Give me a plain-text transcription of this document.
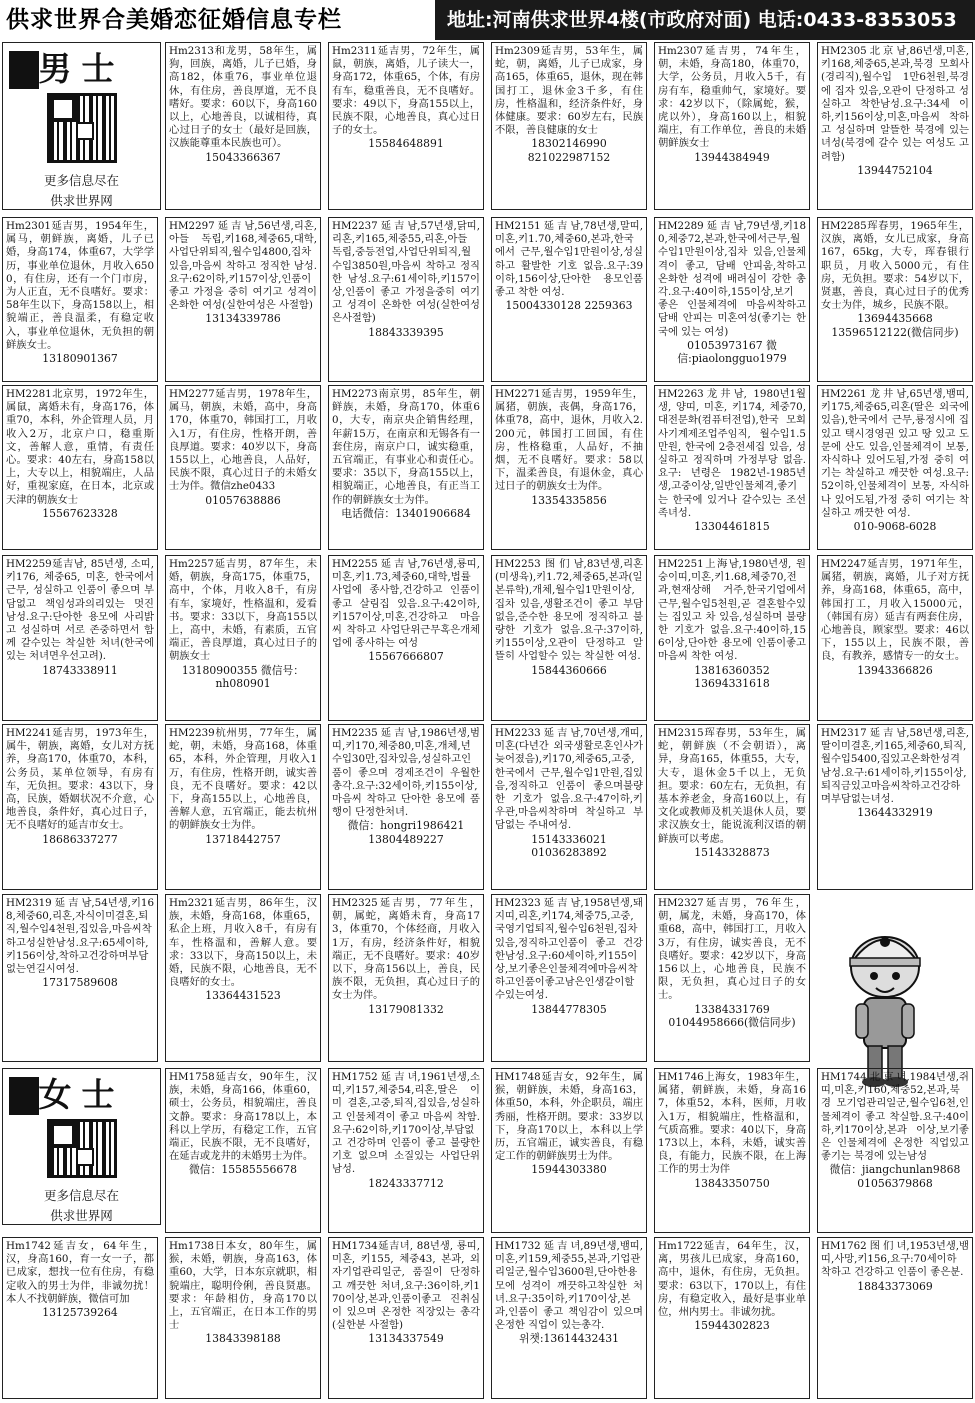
供求世界合美婚恋征婚信息专栏	地址:河南供求世界4楼(市政府对面) 电话:0433-8353053
男士
更多信息尽在
供求世界网
女士
更多信息尽在
供求世界网
Hm2313和龙男，58年生，属狗，回族，离婚，儿子已婚，身高182，体重76，事业单位退休，有住房，善良厚道，无不良嗜好。要求：60以下，身高160以上，心地善良，以诚相待，真心过日子的女士（最好是回族，汉族能尊重本民族也可）。
15043366367
Hm2311延吉男，72年生，属鼠，朝族，离婚，儿子读大一，身高172，体重65，个体，有房有车，稳重善良，无不良嗜好。要求：49以下，身高155以上，民族不限，心地善良，真心过日子的女士。
15584648891
Hm2309延吉男，53年生，属蛇，朝，离婚，儿子已成家，身高165，体重65，退休，现在韩国打工，退休金3千多，有住房，性格温和，经济条件好，身体健康。要求：60岁左右，民族不限，善良健康的女士
18302146990 821022987152
Hm2307延吉男，74年生，朝，未婚，身高180，体重70，大学，公务员，月收入5千，有房有车，稳重帅气，家境好。要求：42岁以下，（除属蛇，猴，虎以外），身高160以上，相貌端庄，有工作单位，善良的未婚朝鲜族女士
13944384949
HM2305北京남,86년생,미혼,키168,체중65,본과,북경 모회사(경리직),월수입 1만6천원,북경에 집자 있음,오관이 단정하고 성실하고 착한남성.요구:34세 이하,키156이상,미혼,마음씨 착하고 성실하며 알뜰한 북경에 있는 녀성(북경에 갈수 있는 여성도 고려함)
13944752104
Hm2301延吉男，1954年生，属马，朝鲜族，离婚，儿子已婚，身高174，体重67，大学学历，事业单位退休，月收入6500，有住房，还有一个门市房，为人正直，无不良嗜好。要求：58年生以下，身高158以上，相貌端正，善良温柔，有稳定收入，事业单位退休，无负担的朝鲜族女士。
13180901367
HM2297延吉남,56년생,리혼,아들 독립,키168,체중65,대학,사업단위퇴직,월수입4800,집차있음,마음씨 착하고 정직한 남성.요구:62이하,키157이상,인품이 좋고 가정을 중히 여기고 성격이 온화한 여성(실한여성은 사절함)
13134339786
HM2237延吉남,57년생,닭띠,리혼,키165,체중55,리혼,아들 독립,중등전업,사업단위퇴직,월수입3850원,마음씨 착하고 정직한 남성.요구:61세이하,키157이상,인품이 좋고 가정을중히 여기고 성격이 온화한 여성(실한여성은사절함)
18843339395
HM2151延吉남,78년생,말띠,미혼,키1.70,체중60,본과,한국에서 근무,월수입1만원이상,성실하고 활발한 기호 없음.요구:39이하,156이상,단아한 용모인품 좋고 착한 여성.
15004330128 2259363
HM2289延吉남,79년생,키180,체중72,본과,한국에서근무,월수입1만원이상,집차 있음,인물체격이 좋고, 담배 안피움,착하고 온화한 성격에 배려심이 강한 총각.요구:40이하,155이상,보기 좋은 인물체격에 마음씨착하고 담배 안피는 미혼여성(좋기는 한국에 있는 여성)
01053973167 微信:piaolongguo1979
HM2285珲春男，1965年生，汉族，离婚，女儿已成家，身高167，65kg，大专，珲春银行职员，月收入5000元，有住房，无负担。要求：54岁以下，贤惠，善良，真心过日子的优秀女士为伴，城乡，民族不限。
13694435668 13596512122(微信同步)
HM2281北京男，1972年生，属鼠，离婚未有，身高176，体重70，本科，外企管理人员，月收入2万，北京户口，稳重斯文，善解人意，重情，有责任心。要求：40左右，身高158以上，大专以上，相貌端庄，人品好，重视家庭，在日本，北京或天津的朝族女士
15567623328
HM2277延吉男，1978年生，属马，朝族，未婚，高中，身高170，体重70，韩国打工，月收入1万，有住房，性格开朗，善良厚道。要求：40岁以下，身高155以上，心地善良，人品好，民族不限，真心过日子的未婚女士为伴。微信zhe0433
01057638886
HM2273南京男，85年生，朝鲜族，未婚，身高170，体重60，大专，南京央企销售经理，年薪15万，在南京和无锡各有一套住房，南京户口，诚实稳重，五官端正，有事业心和责任心。要求：35以下，身高155以上，相貌端正，心地善良，有正当工作的朝鲜族女士为伴。
电话微信：13401906684
HM2271延吉男，1959年生，属猪，朝族，丧偶，身高176，体重78，高中，退休，月收入2.200元，韩国打工回国，有住房，性格稳重，人品好，不抽烟，无不良嗜好。要求：58以下，温柔善良，有退休金，真心过日子的朝族女士为伴。
13354335856
HM2263龙井남, 1980년1월생, 양띠, 미혼, 키174, 체중70, 대전문화(컴퓨터전업),한국 모회사기계제조업주임직, 월수입1.5만원, 한국에 2층전세집 있음, 성실하고 정직하며 가정부당 없음. 요구: 년령은 1982년-1985년생,고중이상,일반인물체격,좋기는 한국에 있거나 갈수있는 조선족녀성.
13304461815
HM2261龙井남,65년생,뱀띠,키175,체중65,리혼(딸은 외국에 있음),한국에서 근무,룡정시에 집있고 택시경영권 있고 땅 있고 도문에 산도 있음,인물체격이 보통, 자식하나 있어도됨,가정 중히 여기는 착실하고 깨끗한 여성.요구:52이하,인물체격이 보통, 자식하나 있어도됨,가정 중히 여기는 착실하고 깨끗한 여성.
010-9068-6028
HM2259延吉남, 85년생, 소띠, 키176, 체중65, 미혼, 한국에서 근무, 성실하고 인품이 좋으며 부담없고 책임성과의리있는 멋진 남성.요구:단아한 용모에 사리밝고 성실하며 서로 존중하면서 함께 갈수있는 착실한 처녀(한국에 있는 처녀면우선고려).
18743338911
Hm2257延吉男，87年生，未婚，朝族，身高175，体重75，高中，个体，月收入8千，有房有车，家境好，性格温和，爱看书。要求：33以下，身高155以上，高中，未婚，有素质，五官端正，善良厚道，真心过日子的朝族女士
13180900355 微信号：nh080901
HM2255延吉남,76년생,룡띠,미혼,키1.73,체중60,대학,법률사업에 종사함,건강하고 인품이 좋고 살림집 있음.요구:42이하,키157이상,미혼,건강하고 마음씨 착하고 사업단위근무혹은개체업에 종사하는 여성
15567666807
HM2253图们남,83년생,리혼(미생육),키1.72,체중65,본과(일본류학),개체,월수입1만원이상,집차 있음,생활조건이 좋고 부담없음,준수한 용모에 정직하고 불량한 기호가 없음.요구:37이하,키155이상,오관이 단정하고 알뜰히 사업할수 있는 착실한 여성.
15844360666
HM2251上海남,1980년생, 원숭이띠,미혼,키1.68,체중70,전과,현재상해 거주,한국기업에서근무,월수입5천원,곧 결혼할수있는 집있고 차 있음,성실하며 불량한 기호가 없음.요구:40이하,156이상,단아한 용모에 인품이좋고 마음씨 착한 여성.
13816360352 13694331618
HM2247延吉男，1971年生，属猪，朝族，离婚，儿子对方抚养，身高168，体重65，高中，韩国打工，月收入15000元，（韩国有房）延吉有两套住房，心地善良，顾家型。要求：46以下，155以上，民族不限，善良，有教养，感情专一的女士。
13943366826
HM2241延吉男，1973年生，属牛，朝族，离婚，女儿对方抚养，身高170，体重70，本科，公务员，某单位领导，有房有车，无负担。要求：43以下，身高，民族，婚姻状况不介意，心地善良，条件好，真心过日子，无不良嗜好的延吉市女士。
18686337277
HM2239杭州男，77年生，属蛇，朝，未婚，身高168，体重65，本科，外企管理，月收入1万，有住房，性格开朗，诚实善良，无不良嗜好。要求：42以下，身高155以上，心地善良，善解人意，五官端正，能去杭州的朝鲜族女士为伴。
13718442757
HM2235延吉남,1986년생,범띠,키170,체중80,미혼,개체,년수입30만,집차있음,성실하고인품이 좋으며 경제조건이 우월한 총각.요구:32세이하,키155이상,마음씨 착하고 단아한 용모에 품행이 단정한처녀.
微信：hongri1986421 13804489227
HM2233延吉남,70년생,개띠,미혼(다년간 외국생활로혼인사가 늦어졌음),키170,체중65,고중,한국에서 근무,월수입1만원,집있음,정직하고 인품이 좋으며불량한 기호가 없음.요구:47이하,키우관,마음씨착하며 착실하고 부담없는 주내여성.
15143336021 01036283892
HM2315珲春男，53年生，属蛇，朝鲜族（不会朝语），离异，身高165，体重55，大专，大专，退休金5千以上，无负担。要求：60左右，无负担，有基本养老金，身高160以上，有文化或教师及机关退休人员，要求汉族女士，能说流利汉语的朝鲜族可以考虑。
15143328873
HM2317延吉남,58년생,리혼,딸이미결혼,키165,체중60,퇴직,월수입5400,집있고온화한성격남성.요구:61세이하,키155이상,퇴직금있고마음씨착하고건강하며부담없는녀성.
13644332919
HM2319延吉남,54년생,키168,체중60,리혼,자식이미결혼,퇴직,월수입4천원,집있음,마음씨착하고성실한남성.요구:65세이하,키156이상,착하고건강하며부담없는연길시여성.
17317589608
Hm2321延吉男，86年生，汉族，未婚，身高168，体重65，私企上班，月收入8千，有房有车，性格温和，善解人意。要求：33以下，身高150以上，未婚，民族不限，心地善良，无不良嗜好的女士。
13364431523
HM2325延吉男，77年生，朝，属蛇，离婚未育，身高173，体重70，个体经商，月收入1万，有房，经济条件好，相貌端正，无不良嗜好。要求：40岁以下，身高156以上，善良，民族不限，无负担，真心过日子的女士为伴。
13179081332
HM2323延吉남,1958년생,돼지띠,리혼,키174,체중75,고중,국영기업퇴직,월수입6천원,집차있음,정직하고인품이 좋고 건강한남성.요구:60세이하,키155이상,보기좋은인물체격에마음씨착하고인품이좋고남은인생같이할수있는여성.
13844778305
HM2327延吉男，76年生，朝，属龙，未婚，身高170，体重68，高中，韩国打工，月收入3万，有住房，诚实善良，无不良嗜好。要求：42岁以下，身高156以上，心地善良，民族不限，无负担，真心过日子的女士。
13384331769 01044958666(微信同步)
HM1758延吉女，90年生，汉族，未婚，身高166，体重60，硕士，公务员，相貌端庄，善良文静。要求：身高178以上，本科以上学历，有稳定工作，五官端正，民族不限，无不良嗜好，在延吉或龙井的未婚男士为伴。
微信：15585556678
HM1752延吉녀,1961년생,소띠,키157,체중54,리혼,딸은 이미 결혼,고중,퇴직,집있음,성실하고 인물체격이 좋고 마음씨 착함.요구:62이하,키170이상,부담없고 건강하며 인품이 좋고 불량한 기호 없으며 소질있는 사업단위남성.
18243337712
HM1748延吉女，92年生，属猴，朝鲜族，未婚，身高163，体重50，本科，外企职员，端庄秀丽，性格开朗。要求：33岁以下，身高170以上，本科以上学历，五官端正，诚实善良，有稳定工作的朝鲜族男士为伴。
15944303380
HM1746上海女，1983年生，属猪，朝鲜族，未婚，身高167，体重52，本科，医师，月收入1万，相貌端庄，性格温和，气质高雅。要求：40以下，身高173以上，本科，未婚，诚实善良，有能力，民族不限，在上海工作的男士为伴
13843350750
HM1744北京녀,1984년생,쥐띠,미혼,키160,체중52,본과,북경 모기업관리일군,월수입6천,인물체격이 좋고 착실함.요구:40이하,키170이상,본과 이상,보기좋은 인물체격에 온정한 직업있고 좋기는 북경에 있는남성
微信：jiangchunlan9868 01056379868
Hm1742延吉女，64年生，汉，身高160，育一女一子，都已成家，想找一位有住房，有稳定收入的男士为伴，非诚勿扰！本人不找朝鲜族，微信可加
13125739264
Hm1738日本女，80年生，属猴，未婚，朝族，身高163，体重60，大学，日本东京就职，相貌端庄，聪明伶俐，善良贤惠。要求：年龄相仿，身高170以上，五官端正，在日本工作的男士
13843398188
HM1734延吉녀, 88년생, 룡띠, 미혼, 키155, 체중43, 본과, 외자기업관리일군, 품질이 단정하고 깨끗한 처녀,요구:36이하,키170이상,본과,인품이좋고 진취심이 있으며 온정한 직장있는 총각(실한분 사절함)
13134337549
HM1732延吉녀,89년생,뱀띠,미혼,키159,체중55,본과,기업관리일군,월수입3600원,단아한용모에 성격이 깨끗하고착실한 처녀.요구:35이하,키170이상,본과,인품이 좋고 책임감이 있으며 온정한 직업이 있는총각.
위챗:13614432431
Hm1722延吉，64年生，汉，离，男孩儿已成家，身高160，高中，退休，有住房，无负担。要求：63以下，170以上，有住房，有稳定收入，最好是事业单位，州内男士。非诚勿扰。
15944302823
HM1762图们녀,1953년생,뱀띠,사망,키156,요구:70세이하 착하고 건강하고 인품이 좋은분.
18843373069
